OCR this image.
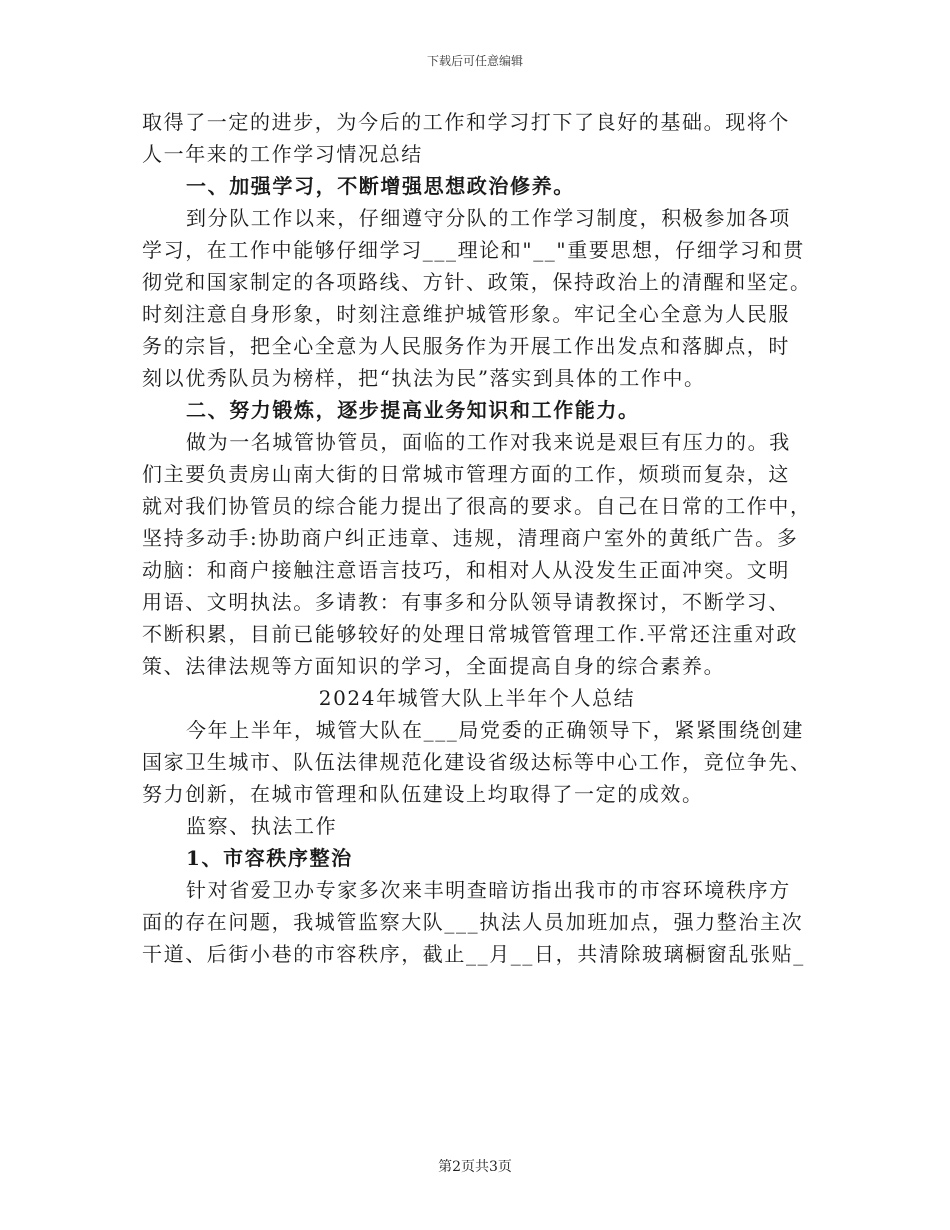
下载后可任意编辑
取得了一定的进步，为今后的工作和学习打下了良好的基础。现将个
人一年来的工作学习情况总结
一、加强学习，不断增强思想政治修养。
到分队工作以来，仔细遵守分队的工作学习制度，积极参加各项
学习，在工作中能够仔细学习___理论和"__"重要思想，仔细学习和贯
彻党和国家制定的各项路线、方针、政策，保持政治上的清醒和坚定。
时刻注意自身形象，时刻注意维护城管形象。牢记全心全意为人民服
务的宗旨，把全心全意为人民服务作为开展工作出发点和落脚点，时
刻以优秀队员为榜样，把“执法为民”落实到具体的工作中。
二、努力锻炼，逐步提高业务知识和工作能力。
做为一名城管协管员，面临的工作对我来说是艰巨有压力的。我
们主要负责房山南大街的日常城市管理方面的工作，烦琐而复杂，这
就对我们协管员的综合能力提出了很高的要求。自己在日常的工作中，
坚持多动手:协助商户纠正违章、违规，清理商户室外的黄纸广告。多
动脑：和商户接触注意语言技巧，和相对人从没发生正面冲突。文明
用语、文明执法。多请教：有事多和分队领导请教探讨，不断学习、
不断积累，目前已能够较好的处理日常城管管理工作.平常还注重对政
策、法律法规等方面知识的学习，全面提高自身的综合素养。
2024年城管大队上半年个人总结
今年上半年，城管大队在___局党委的正确领导下，紧紧围绕创建
国家卫生城市、队伍法律规范化建设省级达标等中心工作，竞位争先、
努力创新，在城市管理和队伍建设上均取得了一定的成效。
监察、执法工作
1、市容秩序整治
针对省爱卫办专家多次来丰明查暗访指出我市的市容环境秩序方
面的存在问题，我城管监察大队___执法人员加班加点，强力整治主次
干道、后街小巷的市容秩序，截止__月__日，共清除玻璃橱窗乱张贴_
第2页共3页
